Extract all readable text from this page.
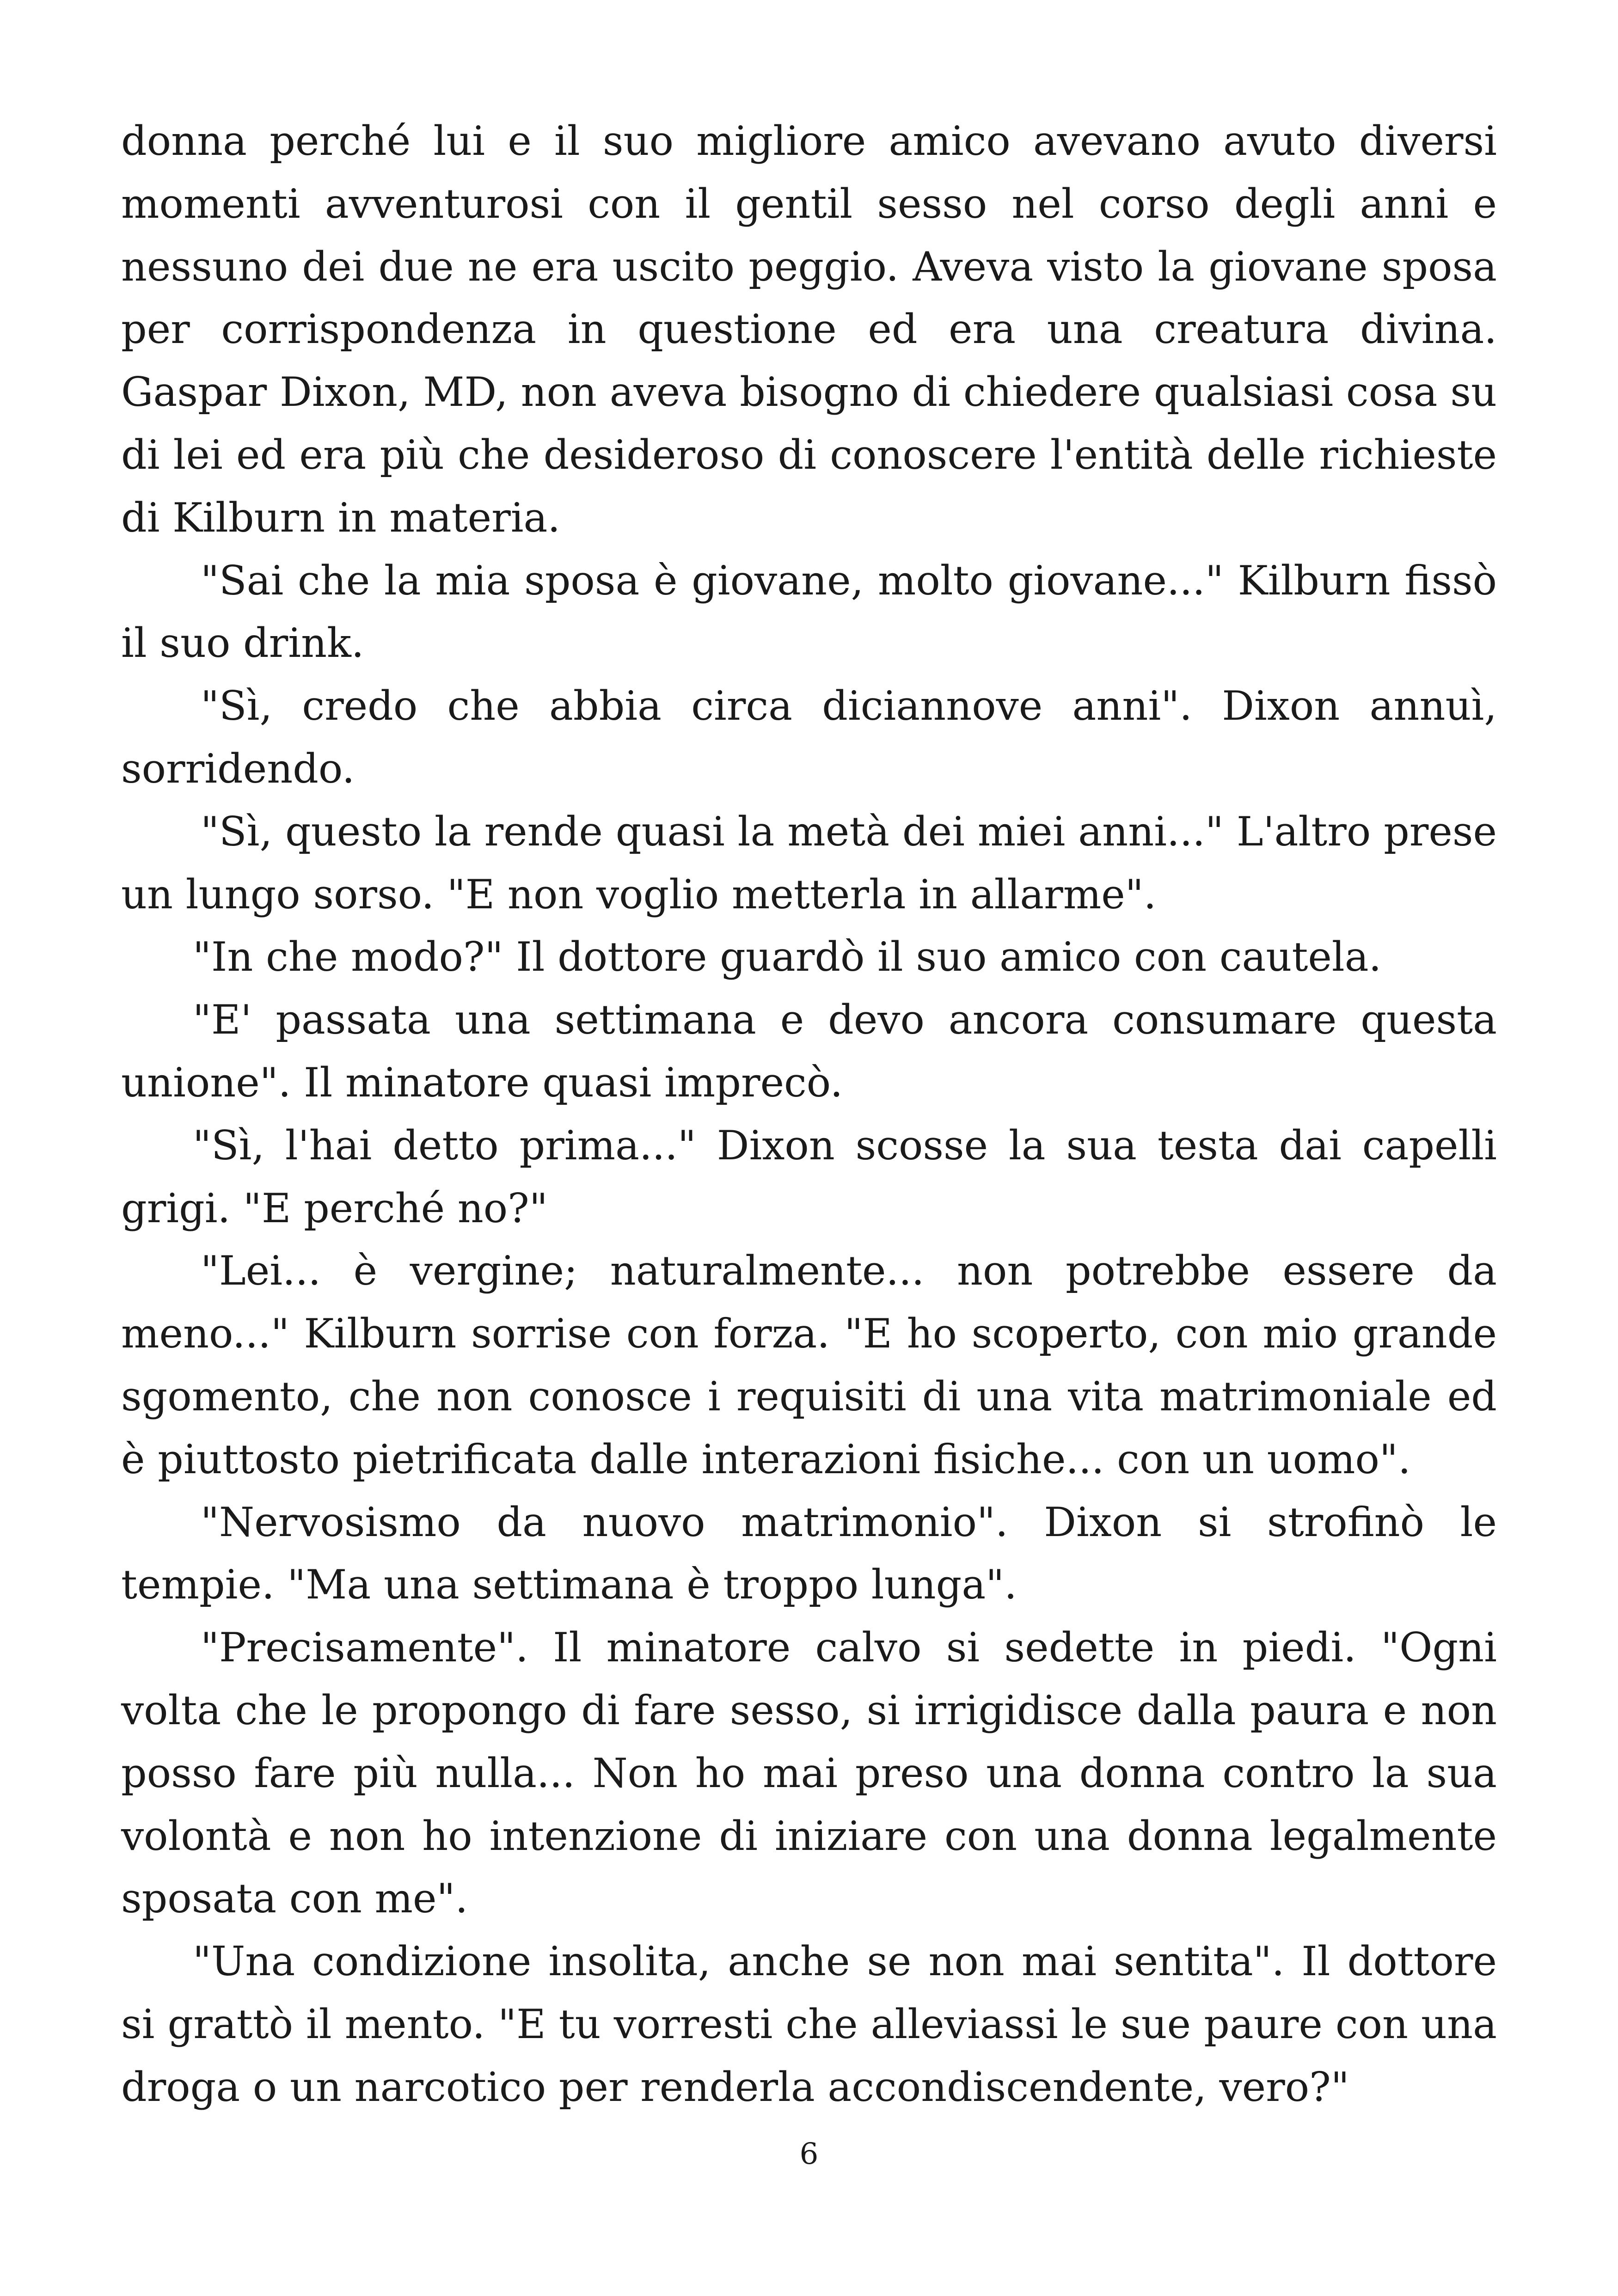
donna perché lui e il suo migliore amico avevano avuto diversi momenti avventurosi con il gentil sesso nel corso degli anni e nessuno dei due ne era uscito peggio. Aveva visto la giovane sposa per corrispondenza in questione ed era una creatura divina. Gaspar Dixon, MD, non aveva bisogno di chiedere qualsiasi cosa su di lei ed era più che desideroso di conoscere l'entità delle richieste di Kilburn in materia.

"Sai che la mia sposa è giovane, molto giovane..." Kilburn fissò il suo drink.

"Sì, credo che abbia circa diciannove anni". Dixon annuì, sorridendo.

"Sì, questo la rende quasi la metà dei miei anni..." L'altro prese un lungo sorso. "E non voglio metterla in allarme".

"In che modo?" Il dottore guardò il suo amico con cautela.

"E' passata una settimana e devo ancora consumare questa unione". Il minatore quasi imprecò.

"Sì, l'hai detto prima..." Dixon scosse la sua testa dai capelli grigi. "E perché no?"

"Lei... è vergine; naturalmente... non potrebbe essere da meno..." Kilburn sorrise con forza. "E ho scoperto, con mio grande sgomento, che non conosce i requisiti di una vita matrimoniale ed è piuttosto pietrificata dalle interazioni fisiche... con un uomo".

"Nervosismo da nuovo matrimonio". Dixon si strofinò le tempie. "Ma una settimana è troppo lunga".

"Precisamente". Il minatore calvo si sedette in piedi. "Ogni volta che le propongo di fare sesso, si irrigidisce dalla paura e non posso fare più nulla... Non ho mai preso una donna contro la sua volontà e non ho intenzione di iniziare con una donna legalmente sposata con me".

"Una condizione insolita, anche se non mai sentita". Il dottore si grattò il mento. "E tu vorresti che alleviassi le sue paure con una droga o un narcotico per renderla accondiscendente, vero?"

6
